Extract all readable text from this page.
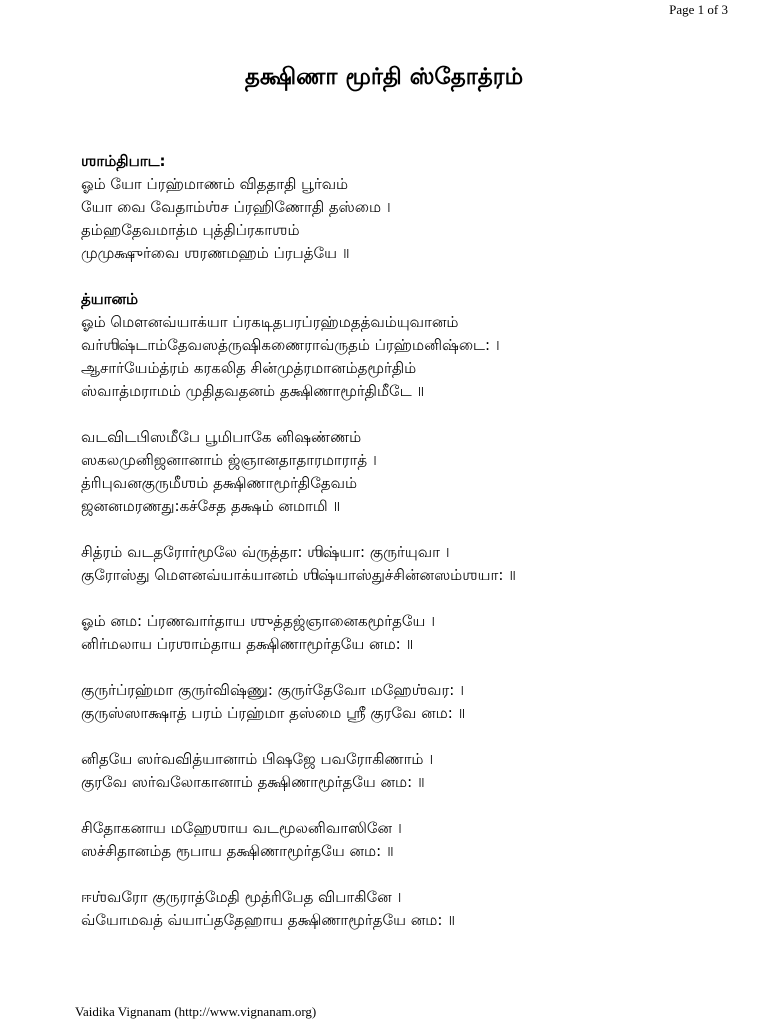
Page 1 of 3
தக்ஷிணா மூர்தி ஸ்தோத்ரம்
ஶாம்திபாட:
ஓம் யோ ப்ரஹ்மாணம் விததாதி பூர்வம்
யோ வை வேதாம்ஶ்ச ப்ரஹிணோதி தஸ்மை ।
தம்ஹதேவமாத்ம புத்திப்ரகாஶம்
முமுக்ஷுர்வை ஶரணமஹம் ப்ரபத்யே ॥
த்யானம்
ஓம் மௌனவ்யாக்யா ப்ரகடிதபரப்ரஹ்மதத்வம்யுவானம்
வர்ஶிஷ்டாம்தேவஸத்ருஷிகணைராவ்ருதம் ப்ரஹ்மனிஷ்டை: ।
ஆசார்யேம்த்ரம் கரகலித சின்முத்ரமானம்தமூர்திம்
ஸ்வாத்மராமம் முதிதவதனம் தக்ஷிணாமூர்திமீடே ॥
வடவிடபிஸமீபே பூமிபாகே னிஷண்ணம்
ஸகலமுனிஜனானாம் ஜ்ஞானதாதாரமாராத் ।
த்ரிபுவனகுருமீஶம் தக்ஷிணாமூர்திதேவம்
ஜனனமரணது:கச்சேத தக்ஷம் னமாமி ॥
சித்ரம் வடதரோர்மூலே வ்ருத்தா: ஶிஷ்யா: குருர்யுவா ।
குரோஸ்து மௌனவ்யாக்யானம் ஶிஷ்யாஸ்துச்சின்னஸம்ஶயா: ॥
ஓம் னம: ப்ரணவார்தாய ஶுத்தஜ்ஞானைகமூர்தயே ।
னிர்மலாய ப்ரஶாம்தாய தக்ஷிணாமூர்தயே னம: ॥
குருர்ப்ரஹ்மா குருர்விஷ்ணு: குருர்தேவோ மஹேஶ்வர: ।
குருஸ்ஸாக்ஷாத் பரம் ப்ரஹ்மா தஸ்மை ஶ்ரீ குரவே னம: ॥
னிதயே ஸர்வவித்யானாம் பிஷஜே பவரோகிணாம் ।
குரவே ஸர்வலோகானாம் தக்ஷிணாமூர்தயே னம: ॥
சிதோகனாய மஹேஶாய வடமூலனிவாஸினே ।
ஸச்சிதானம்த ரூபாய தக்ஷிணாமூர்தயே னம: ॥
ஈஶ்வரோ குருராத்மேதி மூத்ரிபேத விபாகினே ।
வ்யோமவத் வ்யாப்ததேஹாய தக்ஷிணாமூர்தயே னம: ॥
Vaidika Vignanam (http://www.vignanam.org)
